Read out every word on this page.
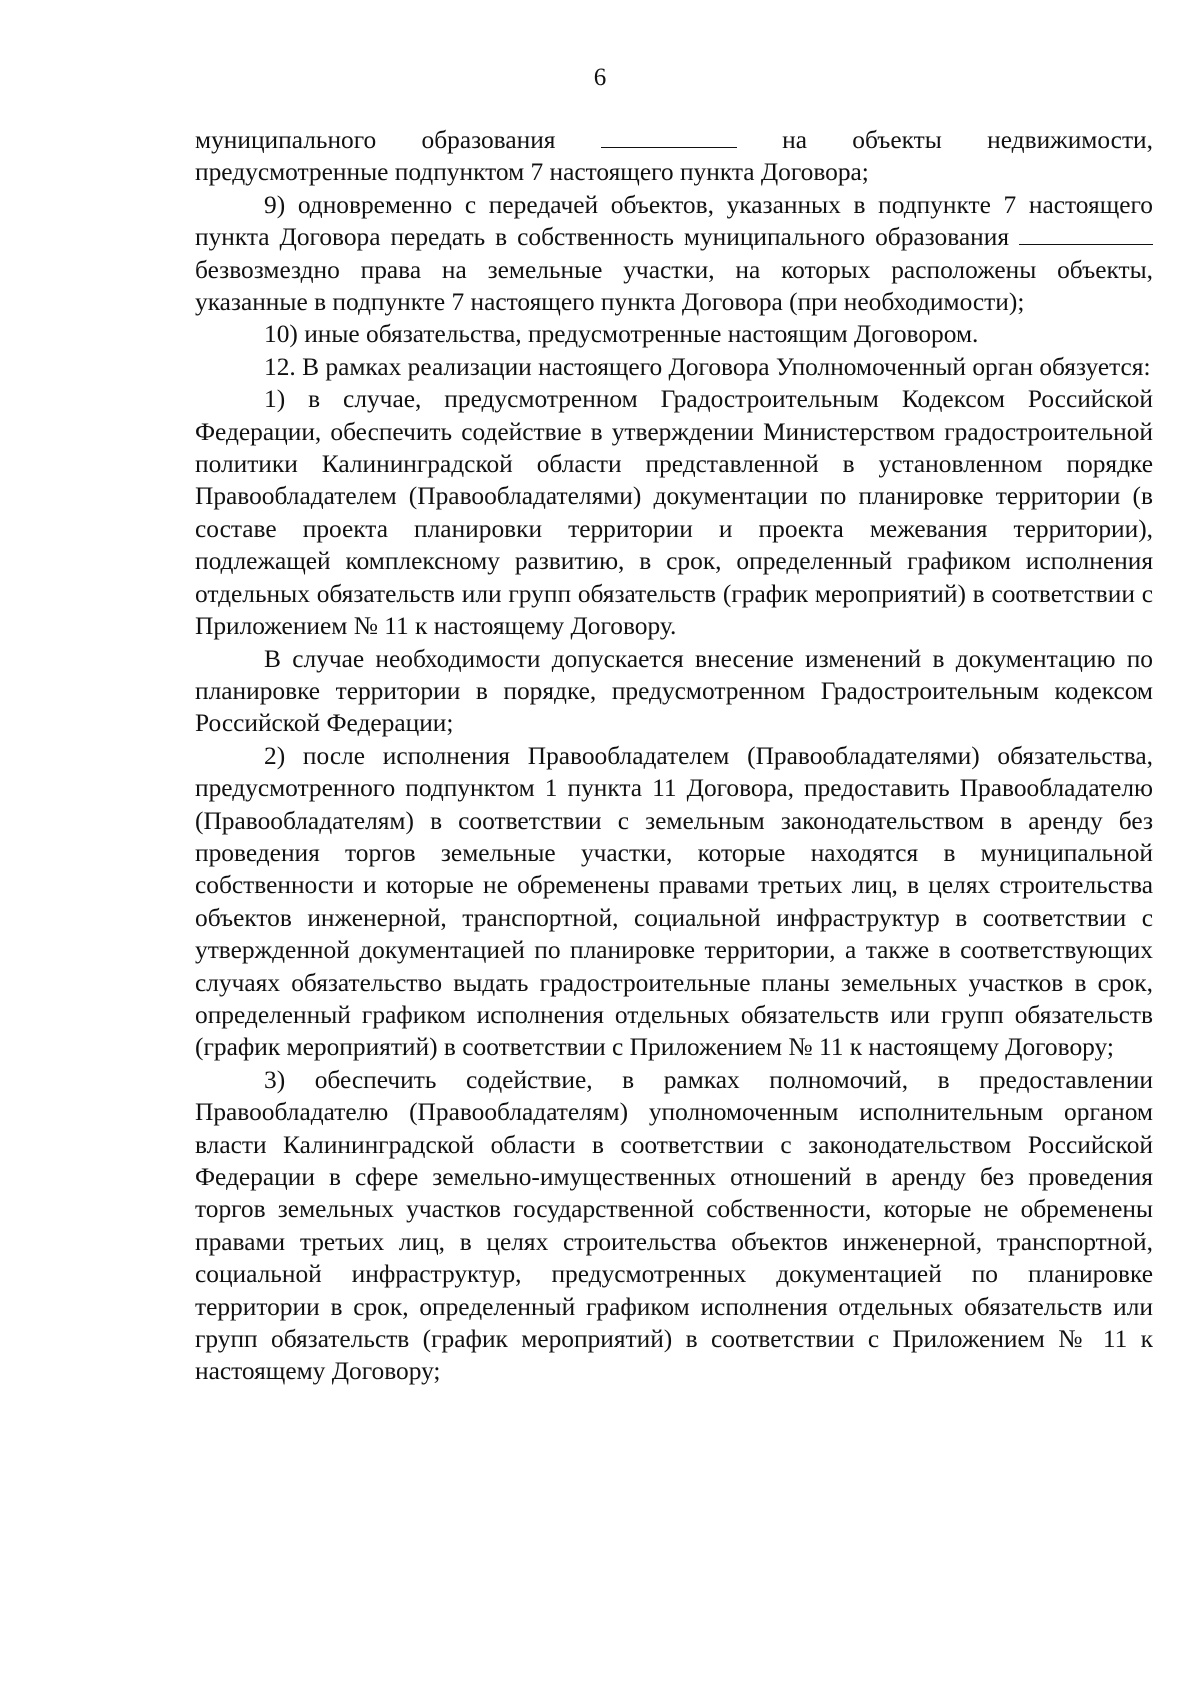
6

муниципального образования	на объекты недвижимости, предусмотренные подпунктом 7 настоящего пункта Договора;

9) одновременно с передачей объектов, указанных в подпункте 7 настоящего пункта Договора передать в собственность муниципального образования  безвозмездно права на земельные участки, на которых расположены объекты, указанные в подпункте 7 настоящего пункта Договора (при необходимости);

10) иные обязательства, предусмотренные настоящим Договором.

12. В рамках реализации настоящего Договора Уполномоченный орган обязуется:

1) в случае, предусмотренном Градостроительным Кодексом Российской Федерации, обеспечить содействие в утверждении Министерством градостроительной политики Калининградской области представленной в установленном порядке Правообладателем (Правообладателями) документации по планировке территории (в составе проекта планировки территории и проекта межевания территории), подлежащей комплексному развитию, в срок, определенный графиком исполнения отдельных обязательств или групп обязательств (график мероприятий) в соответствии с Приложением № 11 к настоящему Договору.

В случае необходимости допускается внесение изменений в документацию по планировке территории в порядке, предусмотренном Градостроительным кодексом Российской Федерации;

2) после исполнения Правообладателем (Правообладателями) обязательства, предусмотренного подпунктом 1 пункта 11 Договора, предоставить Правообладателю (Правообладателям) в соответствии с земельным законодательством в аренду без проведения торгов земельные участки, которые находятся в муниципальной собственности и которые не обременены правами третьих лиц, в целях строительства объектов инженерной, транспортной, социальной инфраструктур в соответствии с утвержденной документацией по планировке территории, а также в соответствующих случаях обязательство выдать градостроительные планы земельных участков в срок, определенный графиком исполнения отдельных обязательств или групп обязательств (график мероприятий) в соответствии с Приложением № 11 к настоящему Договору;

3) обеспечить содействие, в рамках полномочий, в предоставлении Правообладателю (Правообладателям) уполномоченным исполнительным органом власти Калининградской области в соответствии с законодательством Российской Федерации в сфере земельно-имущественных отношений в аренду без проведения торгов земельных участков государственной собственности, которые не обременены правами третьих лиц, в целях строительства объектов инженерной, транспортной, социальной инфраструктур, предусмотренных документацией по планировке территории в срок, определенный графиком исполнения отдельных обязательств или групп обязательств (график мероприятий) в соответствии с Приложением № 11 к настоящему Договору;
